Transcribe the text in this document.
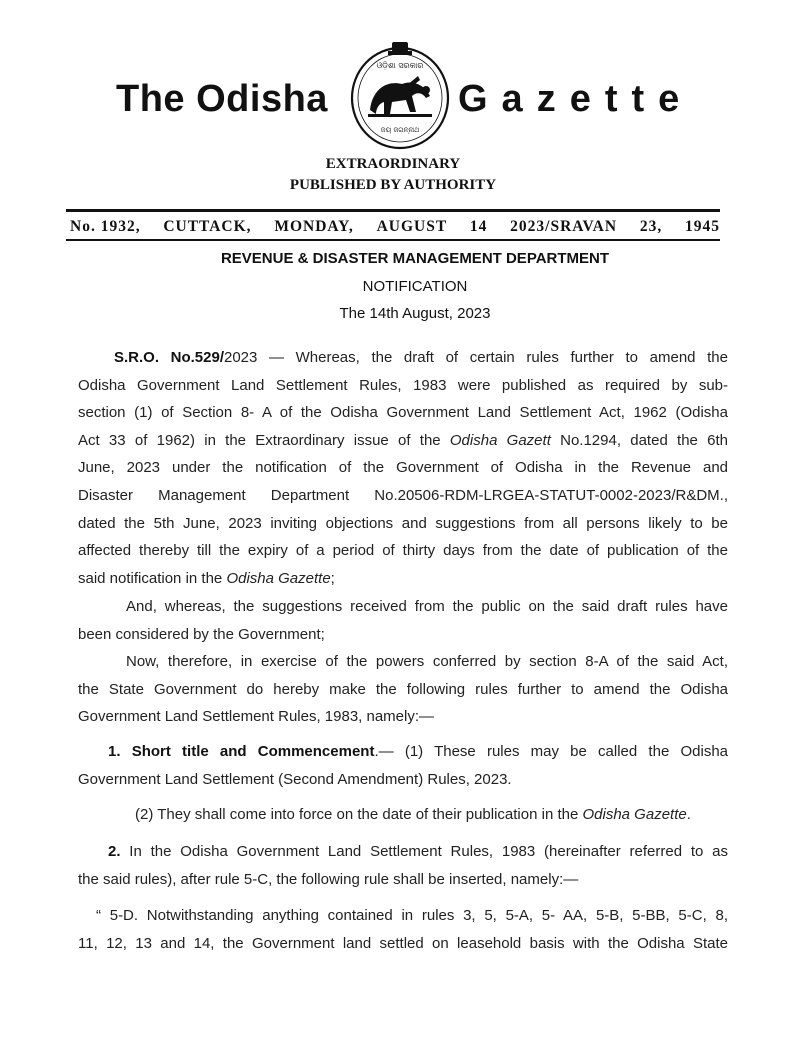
The Odisha
ଓଡ଼ିଶା ସରକାର
ଜୟ ଜଗନ୍ନାଥ
Gazette
EXTRAORDINARY
PUBLISHED BY AUTHORITY
No. 1932, CUTTACK, MONDAY, AUGUST 14 2023/SRAVAN 23, 1945
REVENUE & DISASTER MANAGEMENT DEPARTMENT
NOTIFICATION
The 14th August, 2023
S.R.O. No.529/2023 — Whereas, the draft of certain rules further to amend the
Odisha Government Land Settlement Rules, 1983 were published as required by sub-
section (1) of Section 8- A of the Odisha Government Land Settlement Act, 1962 (Odisha
Act 33 of 1962) in the Extraordinary issue of the Odisha Gazett No.1294, dated the 6th
June, 2023 under the notification of the Government of Odisha in the Revenue and
Disaster Management Department No.20506-RDM-LRGEA-STATUT-0002-2023/R&DM.,
dated the 5th June, 2023 inviting objections and suggestions from all persons likely to be
affected thereby till the expiry of a period of thirty days from the date of publication of the
said notification in the Odisha Gazette;
And, whereas, the suggestions received from the public on the said draft rules have
been considered by the Government;
Now, therefore, in exercise of the powers conferred by section 8-A of the said Act,
the State Government do hereby make the following rules further to amend the Odisha
Government Land Settlement Rules, 1983, namely:—
1. Short title and Commencement.— (1) These rules may be called the Odisha
Government Land Settlement (Second Amendment) Rules, 2023.
(2) They shall come into force on the date of their publication in the Odisha Gazette.
2. In the Odisha Government Land Settlement Rules, 1983 (hereinafter referred to as
the said rules), after rule 5-C, the following rule shall be inserted, namely:—
“ 5-D. Notwithstanding anything contained in rules 3, 5, 5-A, 5- AA, 5-B, 5-BB, 5-C, 8,
11, 12, 13 and 14, the Government land settled on leasehold basis with the Odisha State
